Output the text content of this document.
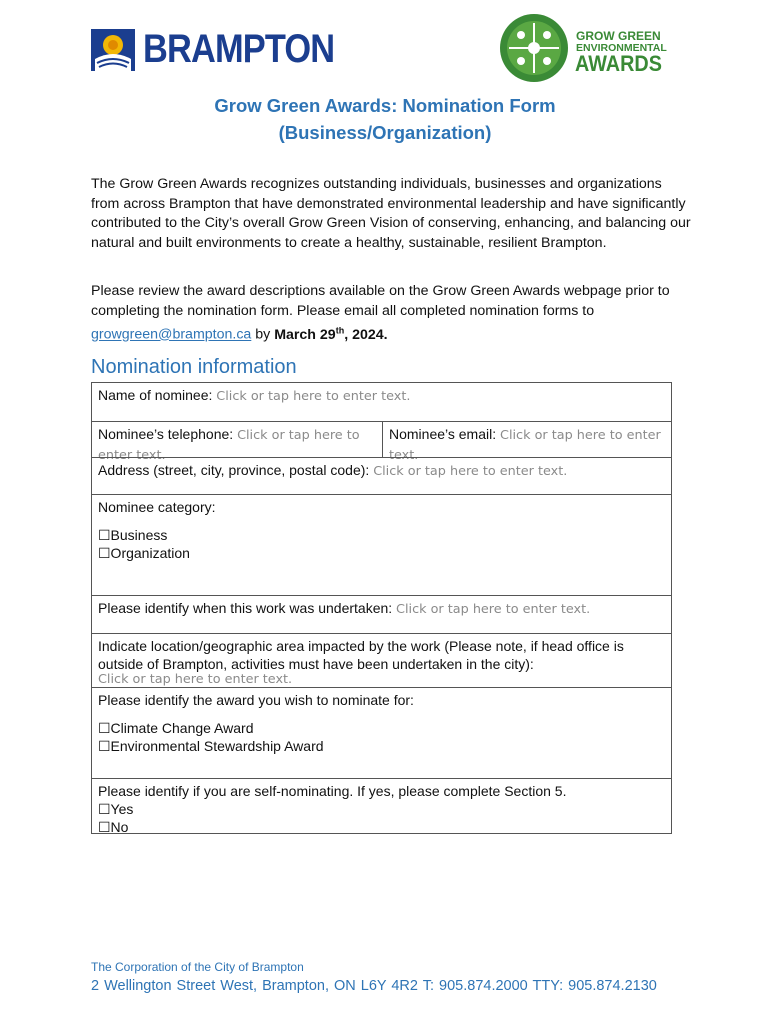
BRAMPTON	GROW GREEN
ENVIRONMENTAL
AWARDS
Grow Green Awards: Nomination Form
(Business/Organization)
The Grow Green Awards recognizes outstanding individuals, businesses and organizations from across Brampton that have demonstrated environmental leadership and have significantly contributed to the City’s overall Grow Green Vision of conserving, enhancing, and balancing our natural and built environments to create a healthy, sustainable, resilient Brampton.
Please review the award descriptions available on the Grow Green Awards webpage prior to completing the nomination form. Please email all completed nomination forms to growgreen@brampton.ca by March 29th, 2024.
Nomination information
Name of nominee: Click or tap here to enter text.
Nominee’s telephone: Click or tap here to enter text.
Nominee’s email: Click or tap here to enter text.
Address (street, city, province, postal code): Click or tap here to enter text.
Nominee category:
☐Business
☐Organization
Please identify when this work was undertaken: Click or tap here to enter text.
Indicate location/geographic area impacted by the work (Please note, if head office is outside of Brampton, activities must have been undertaken in the city):
Click or tap here to enter text.
Please identify the award you wish to nominate for:
☐Climate Change Award
☐Environmental Stewardship Award
Please identify if you are self-nominating. If yes, please complete Section 5.
☐Yes
☐No
The Corporation of the City of Brampton
2 Wellington Street West, Brampton, ON L6Y 4R2 T: 905.874.2000 TTY: 905.874.2130
